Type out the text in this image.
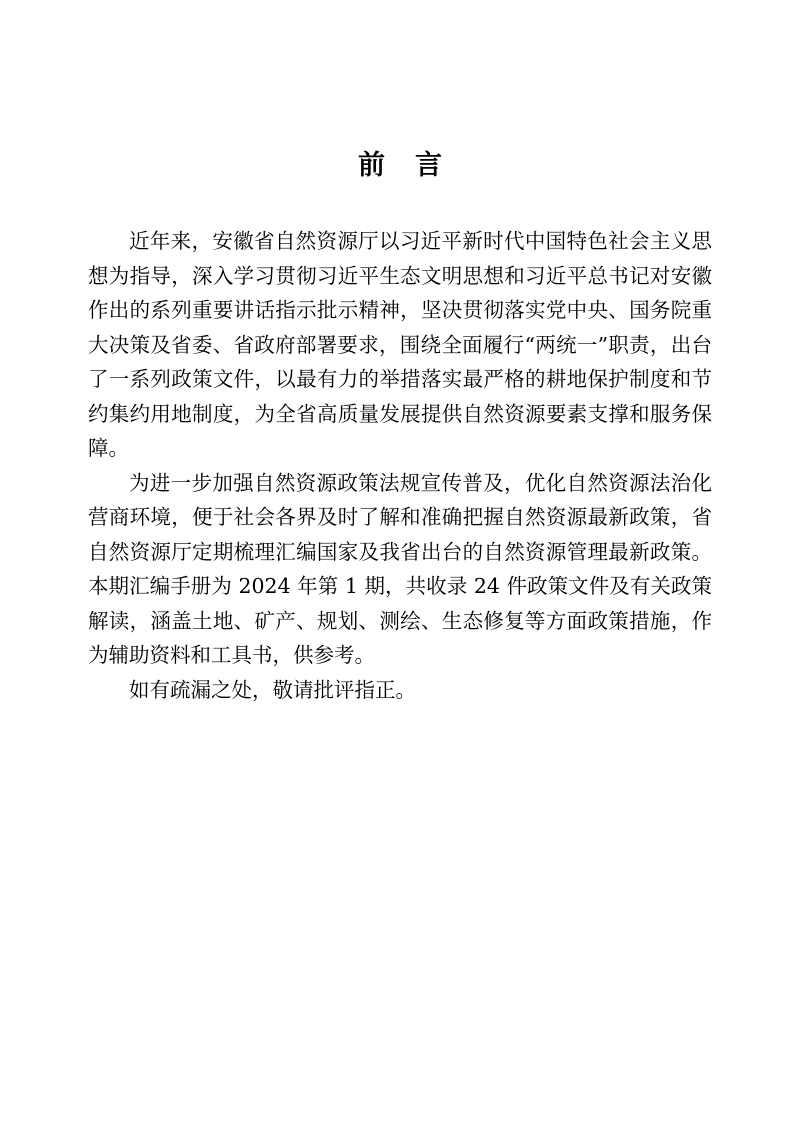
前言

近年来，安徽省自然资源厅以习近平新时代中国特色社会主义思想为指导，深入学习贯彻习近平生态文明思想和习近平总书记对安徽作出的系列重要讲话指示批示精神，坚决贯彻落实党中央、国务院重大决策及省委、省政府部署要求，围绕全面履行“两统一”职责，出台了一系列政策文件，以最有力的举措落实最严格的耕地保护制度和节约集约用地制度，为全省高质量发展提供自然资源要素支撑和服务保障。

为进一步加强自然资源政策法规宣传普及，优化自然资源法治化营商环境，便于社会各界及时了解和准确把握自然资源最新政策，省自然资源厅定期梳理汇编国家及我省出台的自然资源管理最新政策。本期汇编手册为 2024 年第 1 期，共收录 24 件政策文件及有关政策解读，涵盖土地、矿产、规划、测绘、生态修复等方面政策措施，作为辅助资料和工具书，供参考。

如有疏漏之处，敬请批评指正。
